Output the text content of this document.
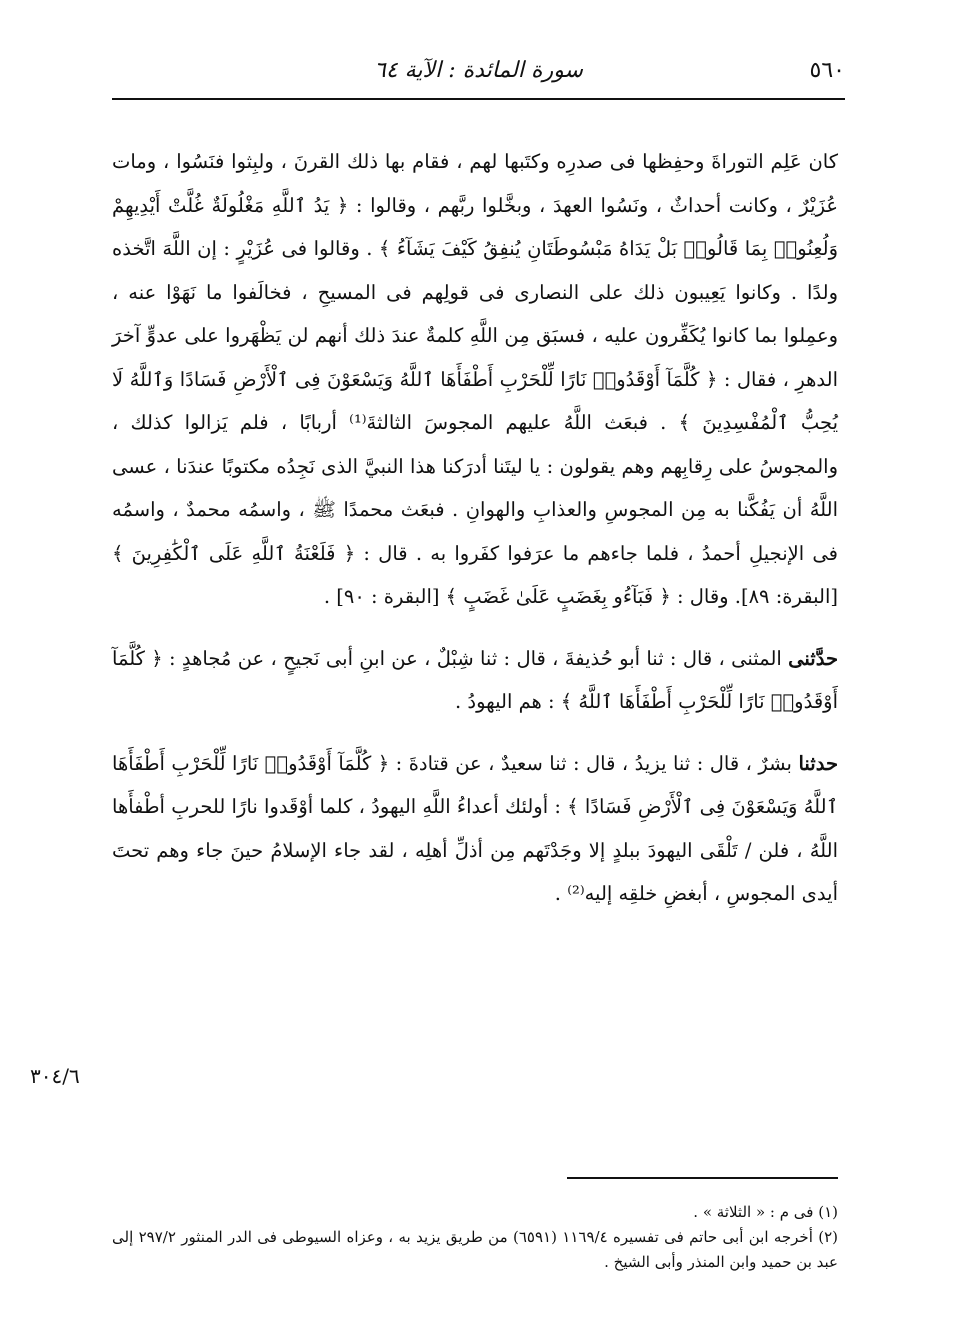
٥٦٠
سورة المائدة : الآية ٦٤

كان عَلِم التوراةَ وحفِظها فى صدرِه وكتَبها لهم ، فقام بها ذلك القرنَ ، ولبِثوا فنَسُوا ، ومات عُزَيْرٌ ، وكانت أحداثٌ ، ونَسُوا العهدَ ، وبخَّلوا ربَّهم ، وقالوا : ﴿ يَدُ ٱللَّهِ مَغْلُولَةٌ غُلَّتْ أَيْدِيهِمْ وَلُعِنُوا۟ بِمَا قَالُوا۟ بَلْ يَدَاهُ مَبْسُوطَتَانِ يُنفِقُ كَيْفَ يَشَآءُ ﴾ . وقالوا فى عُزَيْرٍ : إن اللَّهَ اتَّخذه ولدًا . وكانوا يَعِيبون ذلك على النصارى فى قولِهم فى المسيحِ ، فخالَفوا ما نَهَوْا عنه ، وعمِلوا بما كانوا يُكَفِّرون عليه ، فسبَق مِن اللَّهِ كلمةٌ عندَ ذلك أنهم لن يَظْهَروا على عدوٍّ آخرَ الدهرِ ، فقال : ﴿ كُلَّمَآ أَوْقَدُوا۟ نَارًا لِّلْحَرْبِ أَطْفَأَهَا ٱللَّهُ وَيَسْعَوْنَ فِى ٱلْأَرْضِ فَسَادًا وَٱللَّهُ لَا يُحِبُّ ٱلْمُفْسِدِينَ ﴾ . فبعَث اللَّهُ عليهم المجوسَ الثالثةَ⁽¹⁾ أربابًا ، فلم يَزالوا كذلك ، والمجوسُ على رِقابِهم وهم يقولون : يا ليتَنا أدرَكنا هذا النبيَّ الذى نَجِدُه مكتوبًا عندَنا ، عسى اللَّهُ أن يَفُكَّنا به مِن المجوسِ والعذابِ والهوانِ . فبعَث محمدًا ﷺ ، واسمُه محمدٌ ، واسمُه فى الإنجيلِ أحمدُ ، فلما جاءهم ما عرَفوا كفَروا به . قال : ﴿ فَلَعْنَةُ ٱللَّهِ عَلَى ٱلْكَٰفِرِينَ ﴾ [البقرة: ٨٩]. وقال : ﴿ فَبَآءُو بِغَضَبٍ عَلَىٰ غَضَبٍ ﴾ [البقرة : ٩٠] .

حدَّثنى المثنى ، قال : ثنا أبو حُذيفةَ ، قال : ثنا شِبْلٌ ، عن ابنِ أبى نَجيحٍ ، عن مُجاهدٍ : ﴿ كُلَّمَآ أَوْقَدُوا۟ نَارًا لِّلْحَرْبِ أَطْفَأَهَا ٱللَّهُ ﴾ : هم اليهودُ .

حدثنا بشرٌ ، قال : ثنا يزيدُ ، قال : ثنا سعيدٌ ، عن قتادةَ : ﴿ كُلَّمَآ أَوْقَدُوا۟ نَارًا لِّلْحَرْبِ أَطْفَأَهَا ٱللَّهُ وَيَسْعَوْنَ فِى ٱلْأَرْضِ فَسَادًا ﴾ : أولئك أعداءُ اللَّهِ اليهودُ ، كلما أوْقَدوا نارًا للحربِ أطْفأَها اللَّهُ ، فلن / تَلْقَى اليهودَ ببلدٍ إلا وجَدْتَهم مِن أذلِّ أهلِه ، لقد جاء الإسلامُ حينَ جاء وهم تحتَ أيدى المجوسِ ، أبغضِ خلقِه إليه⁽²⁾ .

٣٠٤/٦

(١) فى م : « الثلاثة » .

(٢) أخرجه ابن أبى حاتم فى تفسيره ١١٦٩/٤ (٦٥٩١) من طريق يزيد به ، وعزاه السيوطى فى الدر المنثور ٢٩٧/٢ إلى عبد بن حميد وابن المنذر وأبى الشيخ .
